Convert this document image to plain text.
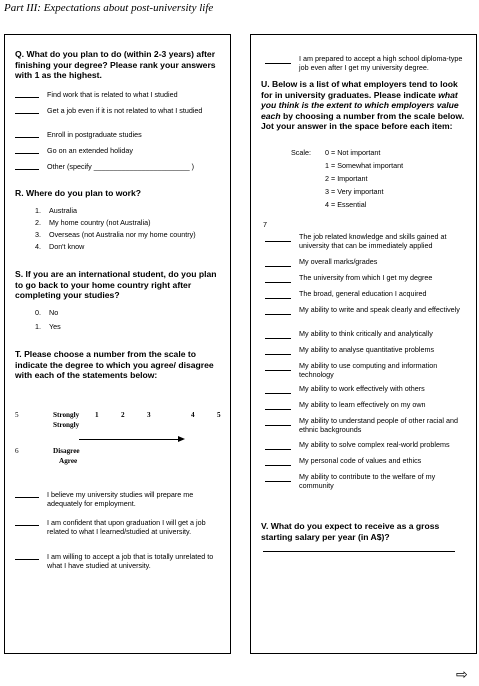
Part III: Expectations about post-university life
Q. What do you plan to do (within 2-3 years) after finishing your degree? Please rank your answers with 1 as the highest.
Find work that is related to what I studied
Get a job even if it is not related to what I studied
Enroll in postgraduate studies
Go on an extended holiday
Other (specify ________________________ )
R. Where do you plan to work?
1. Australia
2. My home country (not Australia)
3. Overseas (not Australia nor my home country)
4. Don't know
S. If you are an international student, do you plan to go back to your home country right after completing your studies?
0. No
1. Yes
T. Please choose a number from the scale to indicate the degree to which you agree/ disagree with each of the statements below:
5	Strongly
Strongly
1	2	3	4	5
6	Disagree
Agree
I believe my university studies will prepare me adequately for employment.
I am confident that upon graduation I will get a job related to what I learned/studied at university.
I am willing to accept a job that is totally unrelated to what I have studied at university.
I am prepared to accept a high school diploma-type job even after I get my university degree.
U. Below is a list of what employers tend to look for in university graduates. Please indicate what you think is the extent to which employers value each by choosing a number from the scale below. Jot your answer in the space before each item:
Scale: 0 = Not important
1 = Somewhat important
2 = Important
3 = Very important
4 = Essential
7
The job related knowledge and skills gained at university that can be immediately applied
My overall marks/grades
The university from which I get my degree
The broad, general education I acquired
My ability to write and speak clearly and effectively
My ability to think critically and analytically
My ability to analyse quantitative problems
My ability to use computing and information technology
My ability to work effectively with others
My ability to learn effectively on my own
My ability to understand people of other racial and ethnic backgrounds
My ability to solve complex real-world problems
My personal code of values and ethics
My ability to contribute to the welfare of my community
V. What do you expect to receive as a gross starting salary per year (in A$)?
⇨
